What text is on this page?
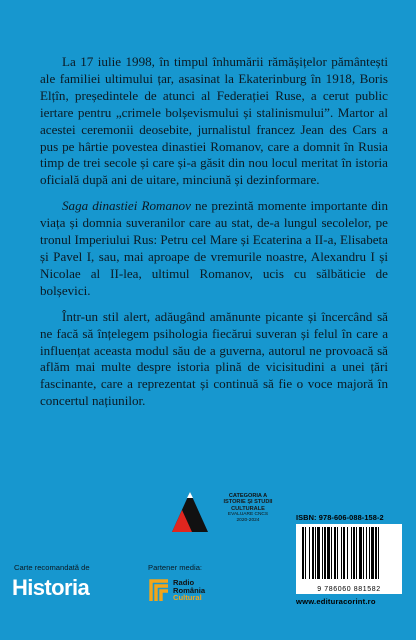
La 17 iulie 1998, în timpul înhumării rămășițelor pământești ale familiei ultimului țar, asasinat la Ekaterinburg în 1918, Boris Elțîn, președintele de atunci al Federației Ruse, a cerut public iertare pentru „crimele bolșevismului și stalinismului”. Martor al acestei ceremonii deosebite, jurnalistul francez Jean des Cars a pus pe hârtie povestea dinastiei Romanov, care a domnit în Rusia timp de trei secole și care și-a găsit din nou locul meritat în istoria oficială după ani de uitare, minciună și dezinformare.

Saga dinastiei Romanov ne prezintă momente importante din viața și domnia suveranilor care au stat, de-a lungul secolelor, pe tronul Imperiului Rus: Petru cel Mare și Ecaterina a II-a, Elisabeta și Pavel I, sau, mai aproape de vremurile noastre, Alexandru I și Nicolae al II-lea, ultimul Romanov, ucis cu sălbăticie de bolșevici.

Într-un stil alert, adăugând amănunte picante și încercând să ne facă să înțelegem psihologia fiecărui suveran și felul în care a influențat aceasta modul său de a guverna, autorul ne provoacă să aflăm mai multe despre istoria plină de vicisitudini a unei țări fascinante, care a reprezentat și continuă să fie o voce majoră în concertul națiunilor.

CATEGORIA A
ISTORIE ȘI STUDII
CULTURALE
EVALUARE CNCS
2020-2024	ISBN: 978-606-088-158-2
9 786060 881582
www.edituracorint.ro
Carte recomandată de
Historia
Partener media:
Radio
România
Cultural
